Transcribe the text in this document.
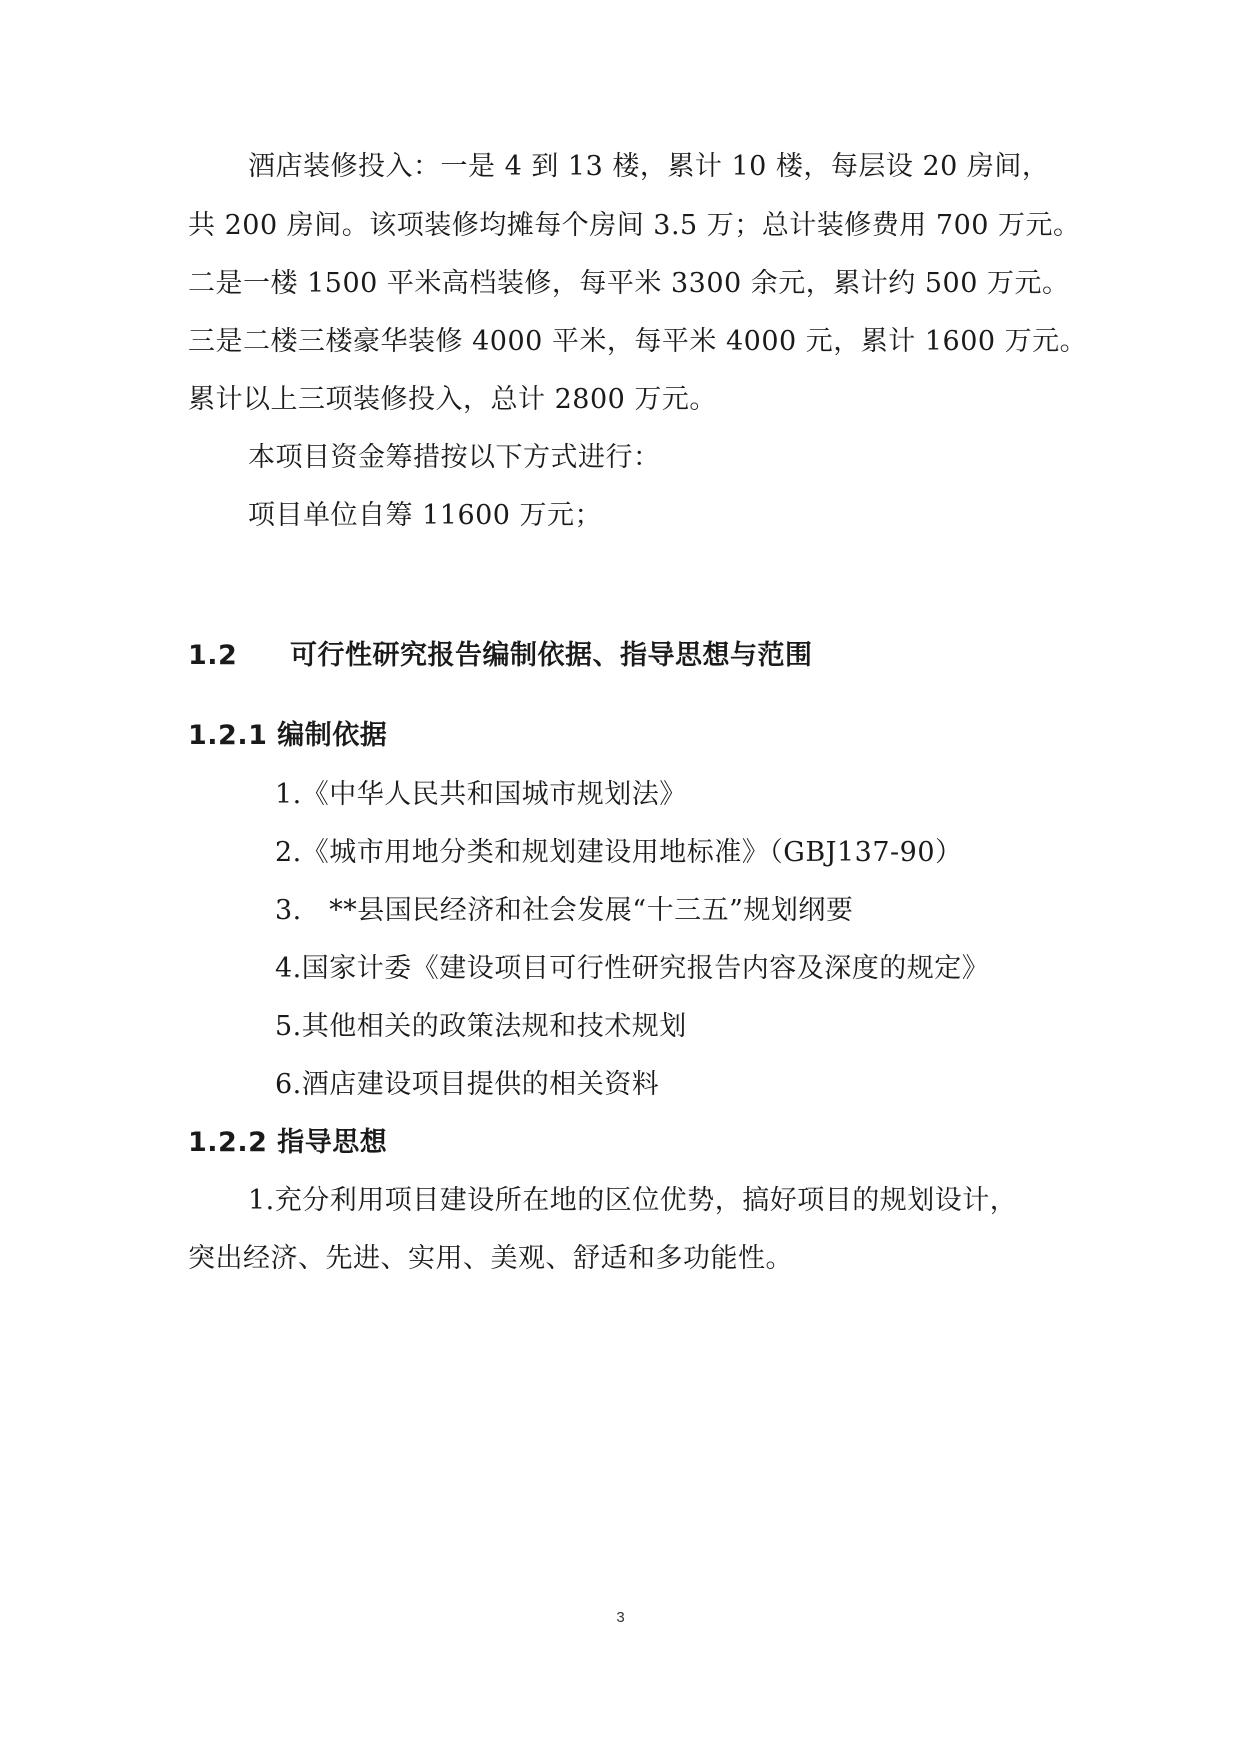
酒店装修投入：一是 4 到 13 楼，累计 10 楼，每层设 20 房间，
共 200 房间。该项装修均摊每个房间 3.5 万；总计装修费用 700 万元。
二是一楼 1500 平米高档装修，每平米 3300 余元，累计约 500 万元。
三是二楼三楼豪华装修 4000 平米，每平米 4000 元，累计 1600 万元。
累计以上三项装修投入，总计 2800 万元。
本项目资金筹措按以下方式进行：
项目单位自筹 11600 万元；
1.2 可行性研究报告编制依据、指导思想与范围
1.2.1 编制依据
1.《中华人民共和国城市规划法》
2.《城市用地分类和规划建设用地标准》（GBJ137-90）
3.　**县国民经济和社会发展“十三五”规划纲要
4.国家计委《建设项目可行性研究报告内容及深度的规定》
5.其他相关的政策法规和技术规划
6.酒店建设项目提供的相关资料
1.2.2 指导思想
1.充分利用项目建设所在地的区位优势，搞好项目的规划设计，
突出经济、先进、实用、美观、舒适和多功能性。
3
